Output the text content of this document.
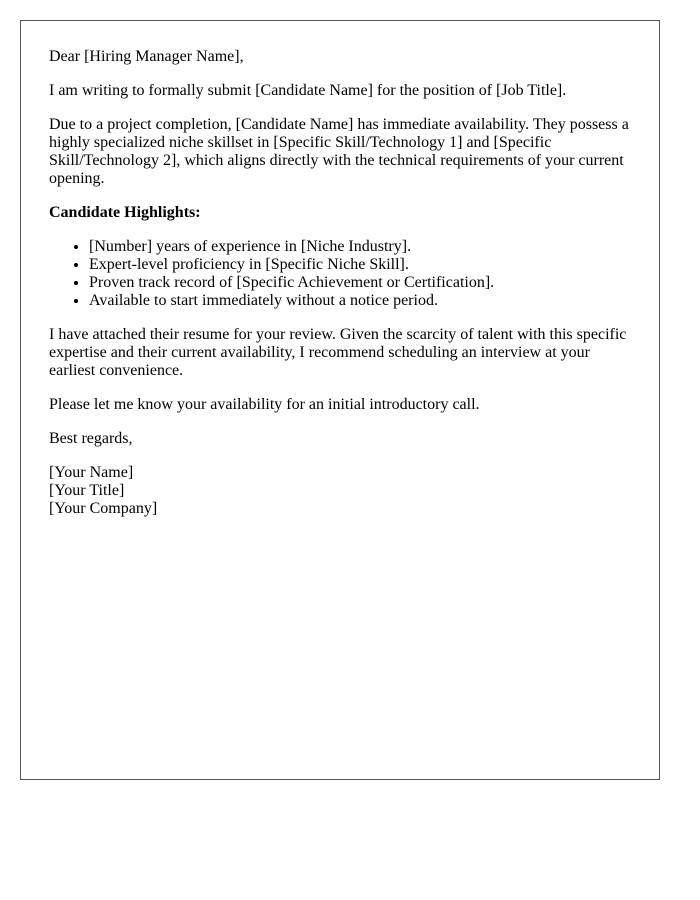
Dear [Hiring Manager Name],

I am writing to formally submit [Candidate Name] for the position of [Job Title].

Due to a project completion, [Candidate Name] has immediate availability. They possess a highly specialized niche skillset in [Specific Skill/Technology 1] and [Specific Skill/Technology 2], which aligns directly with the technical requirements of your current opening.

Candidate Highlights:

• [Number] years of experience in [Niche Industry].
• Expert-level proficiency in [Specific Niche Skill].
• Proven track record of [Specific Achievement or Certification].
• Available to start immediately without a notice period.

I have attached their resume for your review. Given the scarcity of talent with this specific expertise and their current availability, I recommend scheduling an interview at your earliest convenience.

Please let me know your availability for an initial introductory call.

Best regards,

[Your Name]
[Your Title]
[Your Company]
